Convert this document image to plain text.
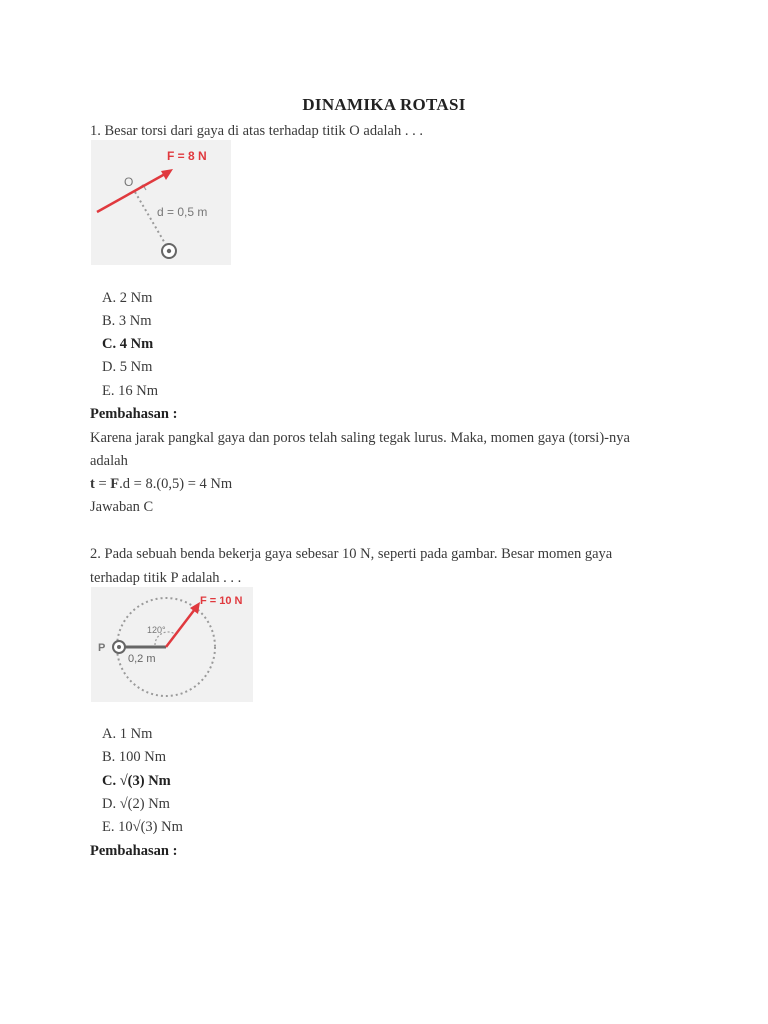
DINAMIKA ROTASI
1. Besar torsi dari gaya di atas terhadap titik O adalah . . .
F = 8 N
O
d = 0,5 m
A. 2 Nm
B. 3 Nm
C. 4 Nm
D. 5 Nm
E. 16 Nm
Pembahasan :
Karena jarak pangkal gaya dan poros telah saling tegak lurus. Maka, momen gaya (torsi)-nya
adalah
t = F.d = 8.(0,5) = 4 Nm
Jawaban C
2. Pada sebuah benda bekerja gaya sebesar 10 N, seperti pada gambar. Besar momen gaya
terhadap titik P adalah . . .
F = 10 N
120°
P
0,2 m
A. 1 Nm
B. 100 Nm
C. √(3) Nm
D. √(2) Nm
E. 10√(3) Nm
Pembahasan :
